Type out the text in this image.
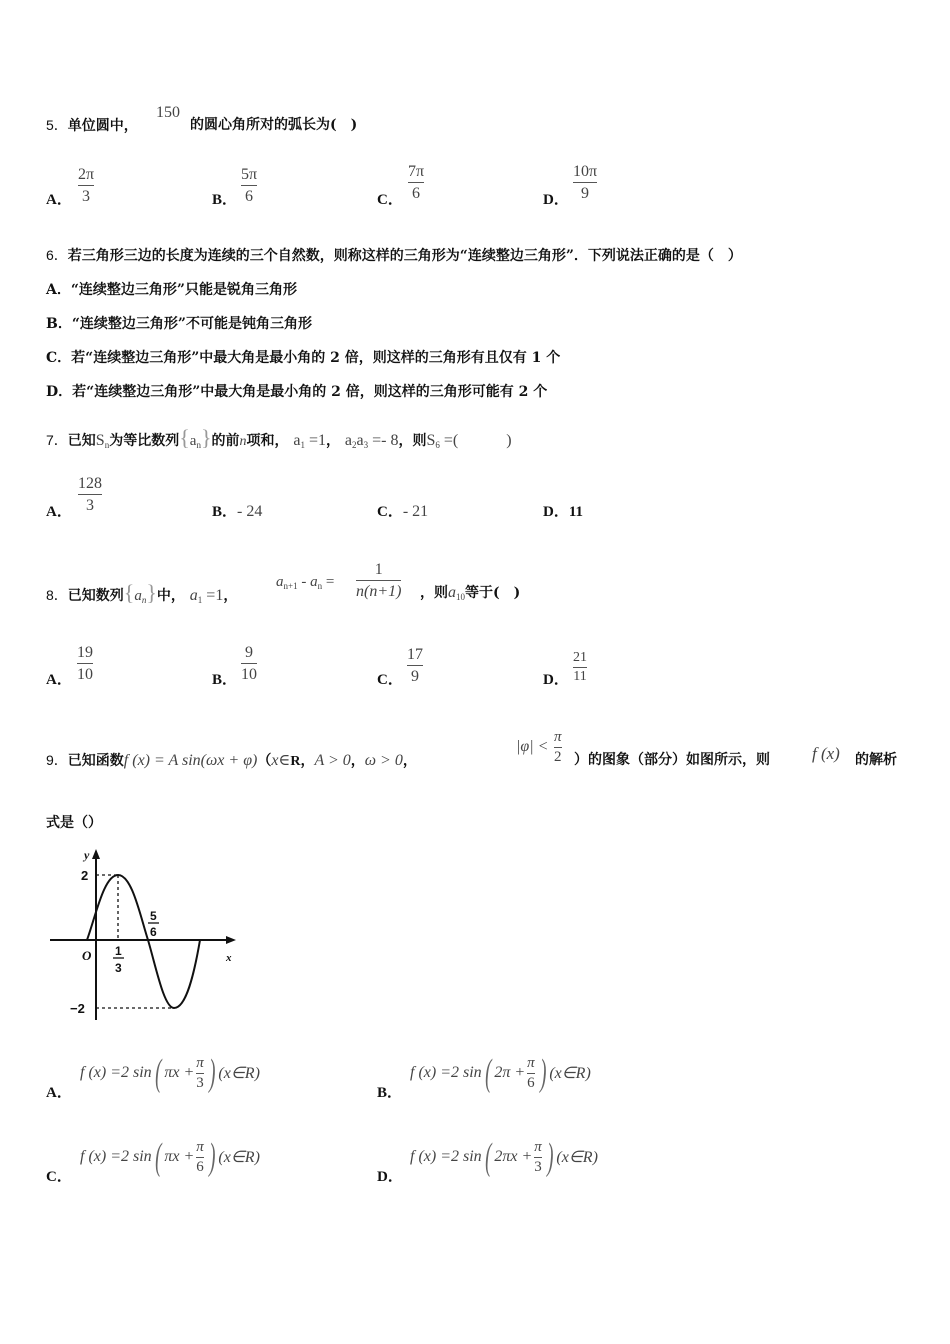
5．单位圆中，
150
的圆心角所对的弧长为(　)
A．
2π
3	B．
5π
6	C．
7π
6	D．
10π
9
6．若三角形三边的长度为连续的三个自然数，则称这样的三角形为“连续整边三角形”．下列说法正确的是（　）
A．“连续整边三角形”只能是锐角三角形
B．“连续整边三角形”不可能是钝角三角形
C．若“连续整边三角形”中最大角是最小角的 2 倍，则这样的三角形有且仅有 1 个
D．若“连续整边三角形”中最大角是最小角的 2 倍，则这样的三角形可能有 2 个
7．已知$S_n$为等比数列$\{a_n\}$的前n项和， $a_1 =1$， $a_2a_3 =- 8$，则$S_6$ =(　　　)
A．
128
3	B．- 24	C．- 21	D．11
8．已知数列$\{a_n\}$中， $a_1 =1$，
$a_{n+1} - a_n$ =
1
n(n+1) ，则$a_{10}$等于(　)
A．
19
10	B．
9
10	C．
17
9	D．
21
11
9．已知函数f (x) = A sin(ωx + φ)（x∈R，A > 0，ω > 0，
|φ| <
π
2 ）的图象（部分）如图所示，则 f (x) 的解析
式是（）
y
x
O
2
−2
1
3
5
6
A．
f (x) =2 sin ( $\pi x + \frac{\pi}{3}$ ) (x∈R)
B．
f (x) =2 sin ( $2\pi + \frac{\pi}{6}$ ) (x∈R)
C．
f (x) =2 sin ( $\pi x + \frac{\pi}{6}$ ) (x∈R)
D．
f (x) =2 sin ( $2\pi x + \frac{\pi}{3}$ ) (x∈R)
